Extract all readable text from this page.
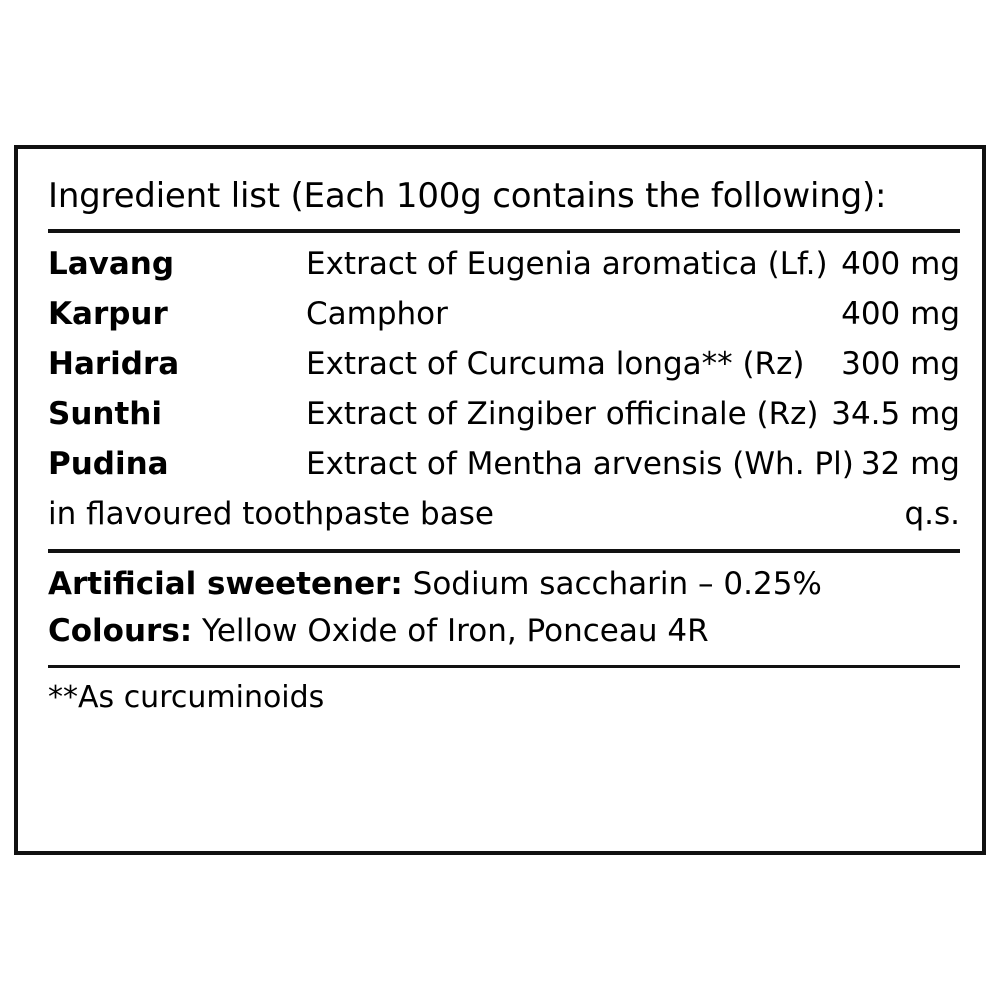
Ingredient list (Each 100g contains the following):
Lavang	Extract of Eugenia aromatica (Lf.)	400 mg
Karpur	Camphor	400 mg
Haridra	Extract of Curcuma longa** (Rz)	300 mg
Sunthi	Extract of Zingiber officinale (Rz)	34.5 mg
Pudina	Extract of Mentha arvensis (Wh. Pl)	32 mg
in flavoured toothpaste base		q.s.
Artificial sweetener: Sodium saccharin – 0.25%
Colours: Yellow Oxide of Iron, Ponceau 4R
**As curcuminoids
